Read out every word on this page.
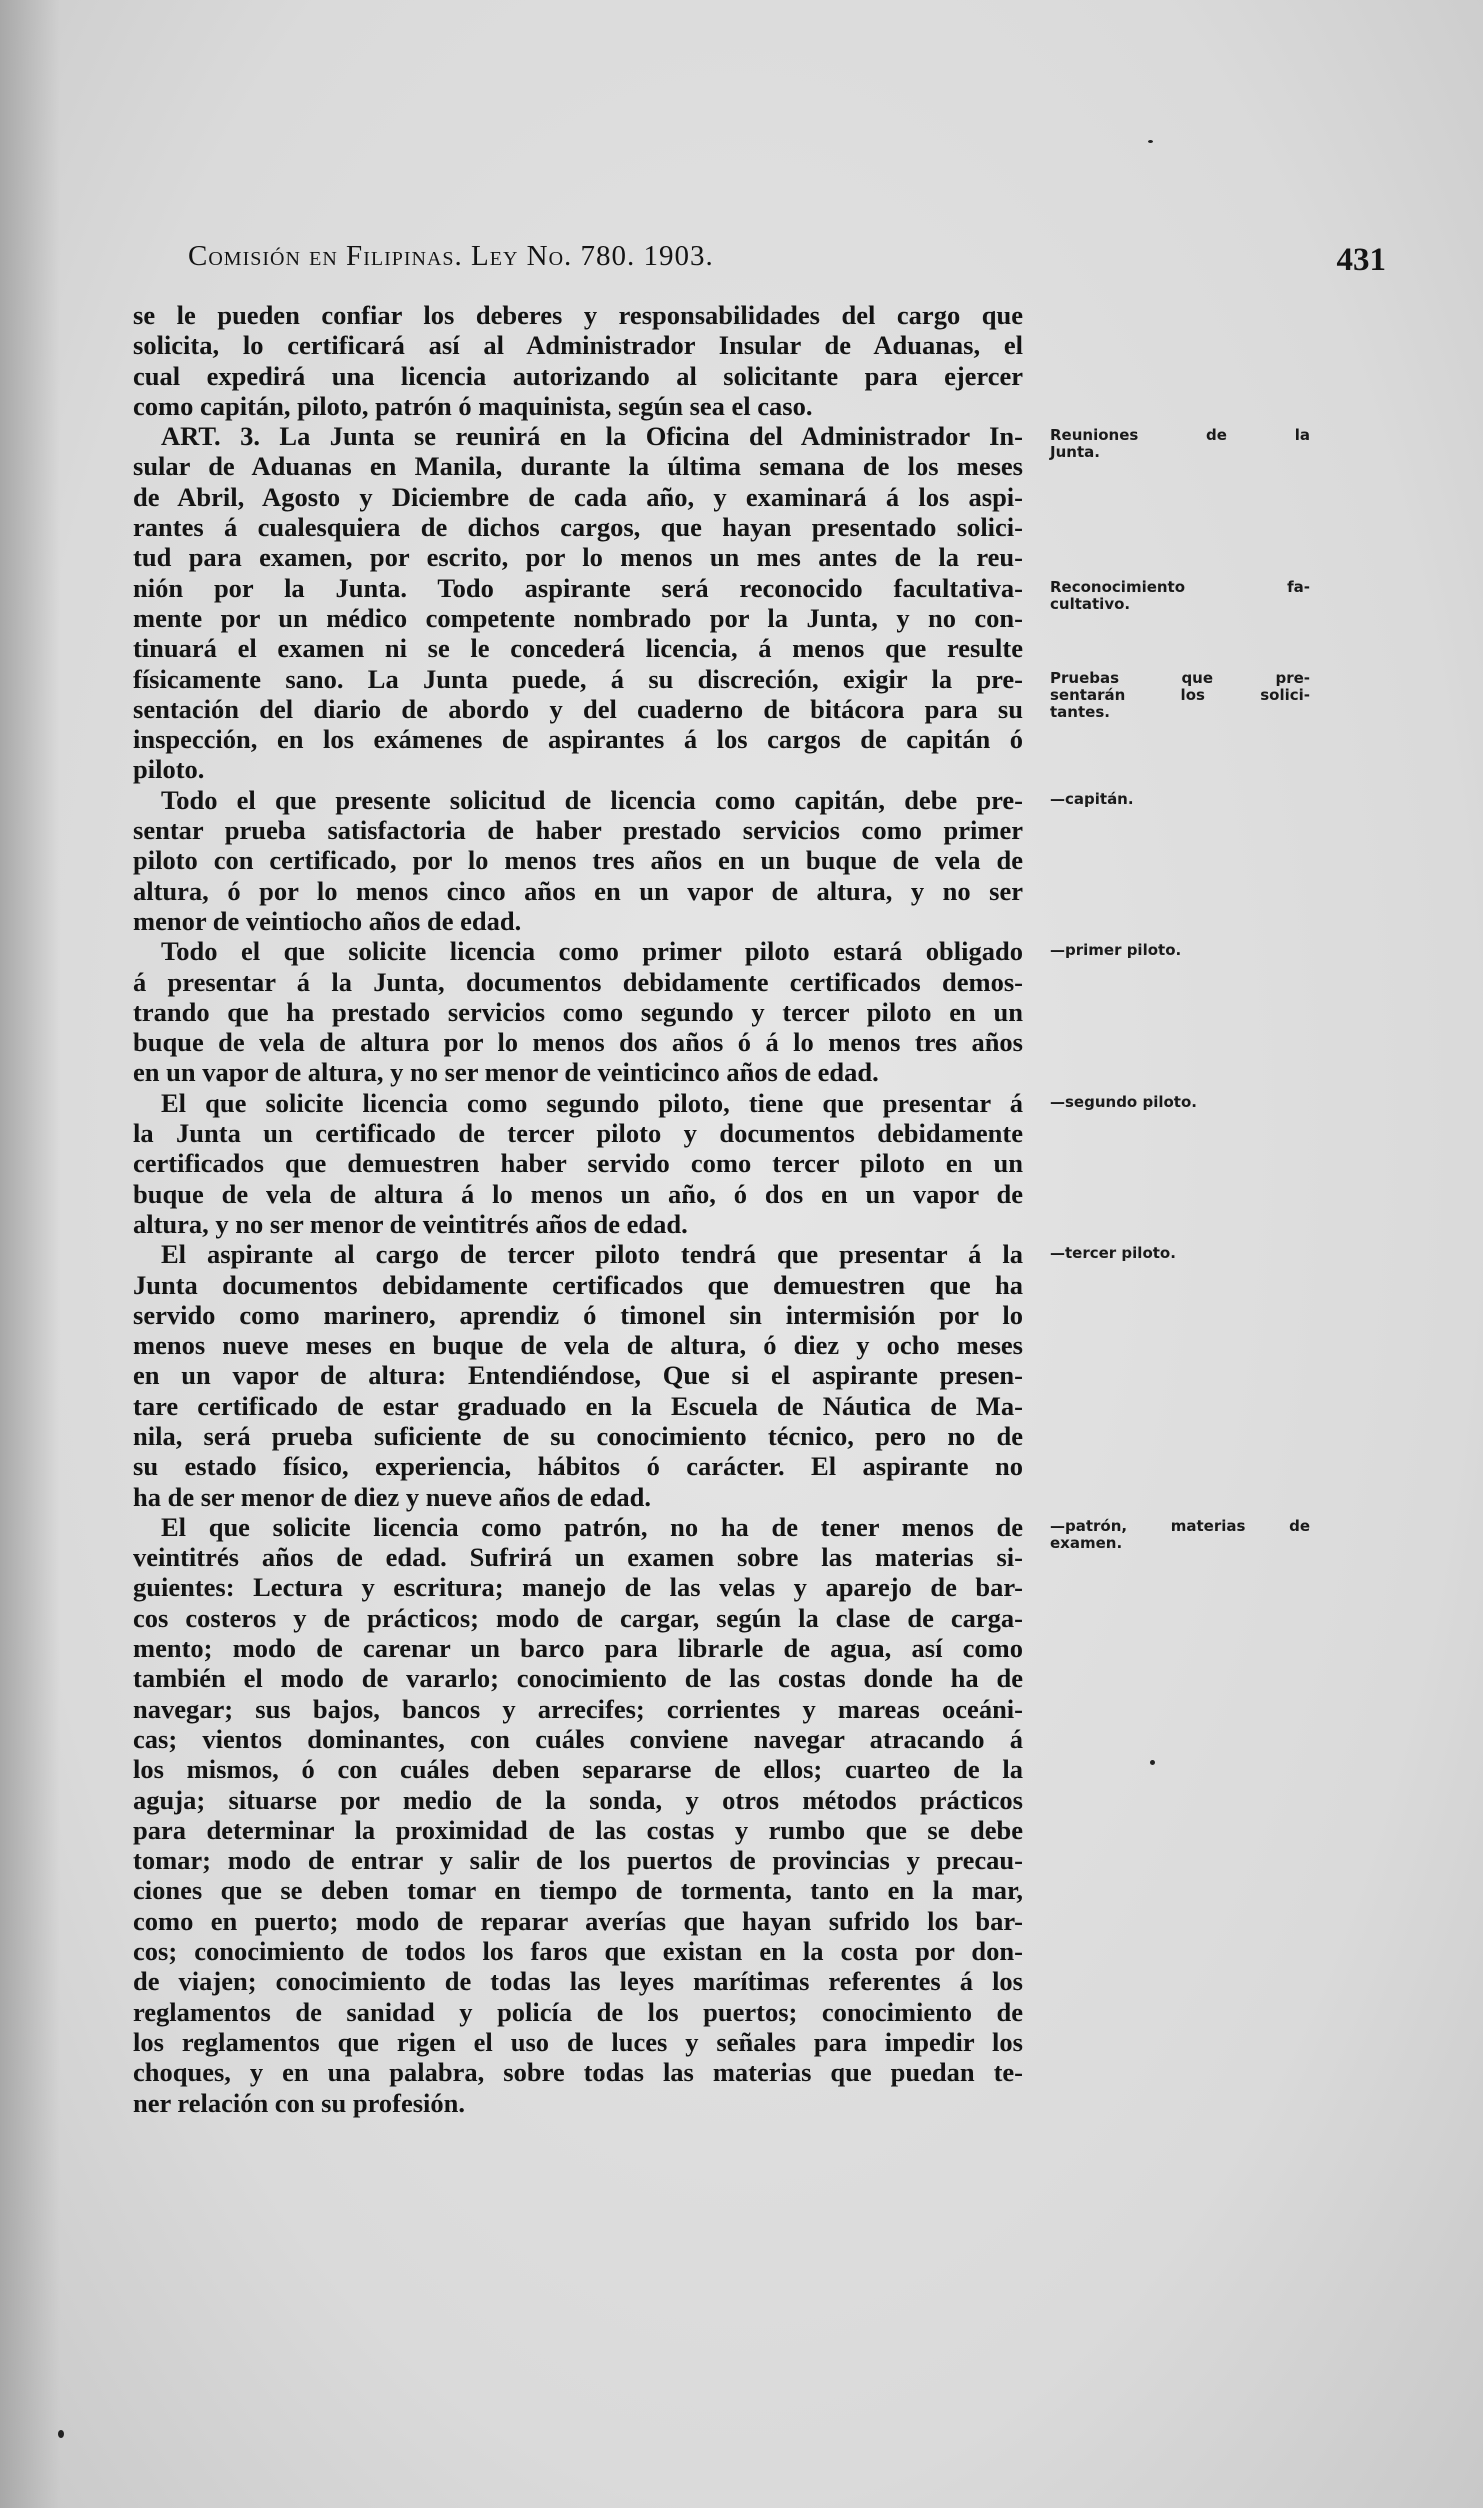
Comisión en Filipinas. Ley No. 780. 1903.	431
se le pueden confiar los deberes y responsabilidades del cargo que
solicita, lo certificará así al Administrador Insular de Aduanas, el
cual expedirá una licencia autorizando al solicitante para ejercer
como capitán, piloto, patrón ó maquinista, según sea el caso.
ART. 3. La Junta se reunirá en la Oficina del Administrador In-
sular de Aduanas en Manila, durante la última semana de los meses
de Abril, Agosto y Diciembre de cada año, y examinará á los aspi-
rantes á cualesquiera de dichos cargos, que hayan presentado solici-
tud para examen, por escrito, por lo menos un mes antes de la reu-
nión por la Junta. Todo aspirante será reconocido facultativa-
mente por un médico competente nombrado por la Junta, y no con-
tinuará el examen ni se le concederá licencia, á menos que resulte
físicamente sano. La Junta puede, á su discreción, exigir la pre-
sentación del diario de abordo y del cuaderno de bitácora para su
inspección, en los exámenes de aspirantes á los cargos de capitán ó
piloto.
Todo el que presente solicitud de licencia como capitán, debe pre-
sentar prueba satisfactoria de haber prestado servicios como primer
piloto con certificado, por lo menos tres años en un buque de vela de
altura, ó por lo menos cinco años en un vapor de altura, y no ser
menor de veintiocho años de edad.
Todo el que solicite licencia como primer piloto estará obligado
á presentar á la Junta, documentos debidamente certificados demos-
trando que ha prestado servicios como segundo y tercer piloto en un
buque de vela de altura por lo menos dos años ó á lo menos tres años
en un vapor de altura, y no ser menor de veinticinco años de edad.
El que solicite licencia como segundo piloto, tiene que presentar á
la Junta un certificado de tercer piloto y documentos debidamente
certificados que demuestren haber servido como tercer piloto en un
buque de vela de altura á lo menos un año, ó dos en un vapor de
altura, y no ser menor de veintitrés años de edad.
El aspirante al cargo de tercer piloto tendrá que presentar á la
Junta documentos debidamente certificados que demuestren que ha
servido como marinero, aprendiz ó timonel sin intermisión por lo
menos nueve meses en buque de vela de altura, ó diez y ocho meses
en un vapor de altura: Entendiéndose, Que si el aspirante presen-
tare certificado de estar graduado en la Escuela de Náutica de Ma-
nila, será prueba suficiente de su conocimiento técnico, pero no de
su estado físico, experiencia, hábitos ó carácter. El aspirante no
ha de ser menor de diez y nueve años de edad.
El que solicite licencia como patrón, no ha de tener menos de
veintitrés años de edad. Sufrirá un examen sobre las materias si-
guientes: Lectura y escritura; manejo de las velas y aparejo de bar-
cos costeros y de prácticos; modo de cargar, según la clase de carga-
mento; modo de carenar un barco para librarle de agua, así como
también el modo de vararlo; conocimiento de las costas donde ha de
navegar; sus bajos, bancos y arrecifes; corrientes y mareas oceáni-
cas; vientos dominantes, con cuáles conviene navegar atracando á
los mismos, ó con cuáles deben separarse de ellos; cuarteo de la
aguja; situarse por medio de la sonda, y otros métodos prácticos
para determinar la proximidad de las costas y rumbo que se debe
tomar; modo de entrar y salir de los puertos de provincias y precau-
ciones que se deben tomar en tiempo de tormenta, tanto en la mar,
como en puerto; modo de reparar averías que hayan sufrido los bar-
cos; conocimiento de todos los faros que existan en la costa por don-
de viajen; conocimiento de todas las leyes marítimas referentes á los
reglamentos de sanidad y policía de los puertos; conocimiento de
los reglamentos que rigen el uso de luces y señales para impedir los
choques, y en una palabra, sobre todas las materias que puedan te-
ner relación con su profesión.
Reuniones de la
Junta.
Reconocimiento fa-
cultativo.
Pruebas que pre-
sentarán los solici-
tantes.
—capitán.
—primer piloto.
—segundo piloto.
—tercer piloto.
—patrón, materias de
examen.
